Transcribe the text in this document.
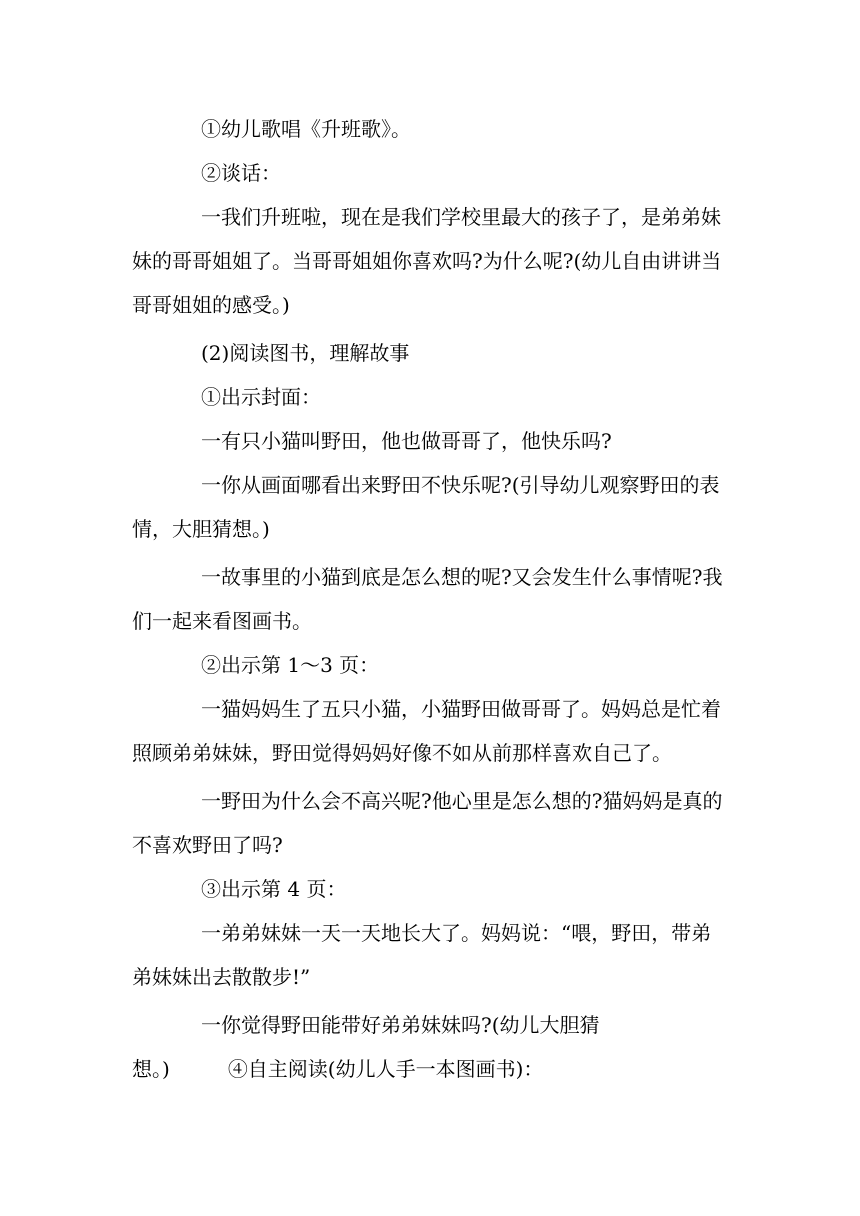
①幼儿歌唱《升班歌》。
②谈话：
一我们升班啦，现在是我们学校里最大的孩子了，是弟弟妹
妹的哥哥姐姐了。当哥哥姐姐你喜欢吗?为什么呢?(幼儿自由讲讲当
哥哥姐姐的感受。)
(2)阅读图书，理解故事
①出示封面：
一有只小猫叫野田，他也做哥哥了，他快乐吗?
一你从画面哪看出来野田不快乐呢?(引导幼儿观察野田的表
情，大胆猜想。)
一故事里的小猫到底是怎么想的呢?又会发生什么事情呢?我
们一起来看图画书。
②出示第 1～3 页：
一猫妈妈生了五只小猫，小猫野田做哥哥了。妈妈总是忙着
照顾弟弟妹妹，野田觉得妈妈好像不如从前那样喜欢自己了。
一野田为什么会不高兴呢?他心里是怎么想的?猫妈妈是真的
不喜欢野田了吗?
③出示第 4 页：
一弟弟妹妹一天一天地长大了。妈妈说：“喂，野田，带弟
弟妹妹出去散散步!”
一你觉得野田能带好弟弟妹妹吗?(幼儿大胆猜
想。)	④自主阅读(幼儿人手一本图画书)：
